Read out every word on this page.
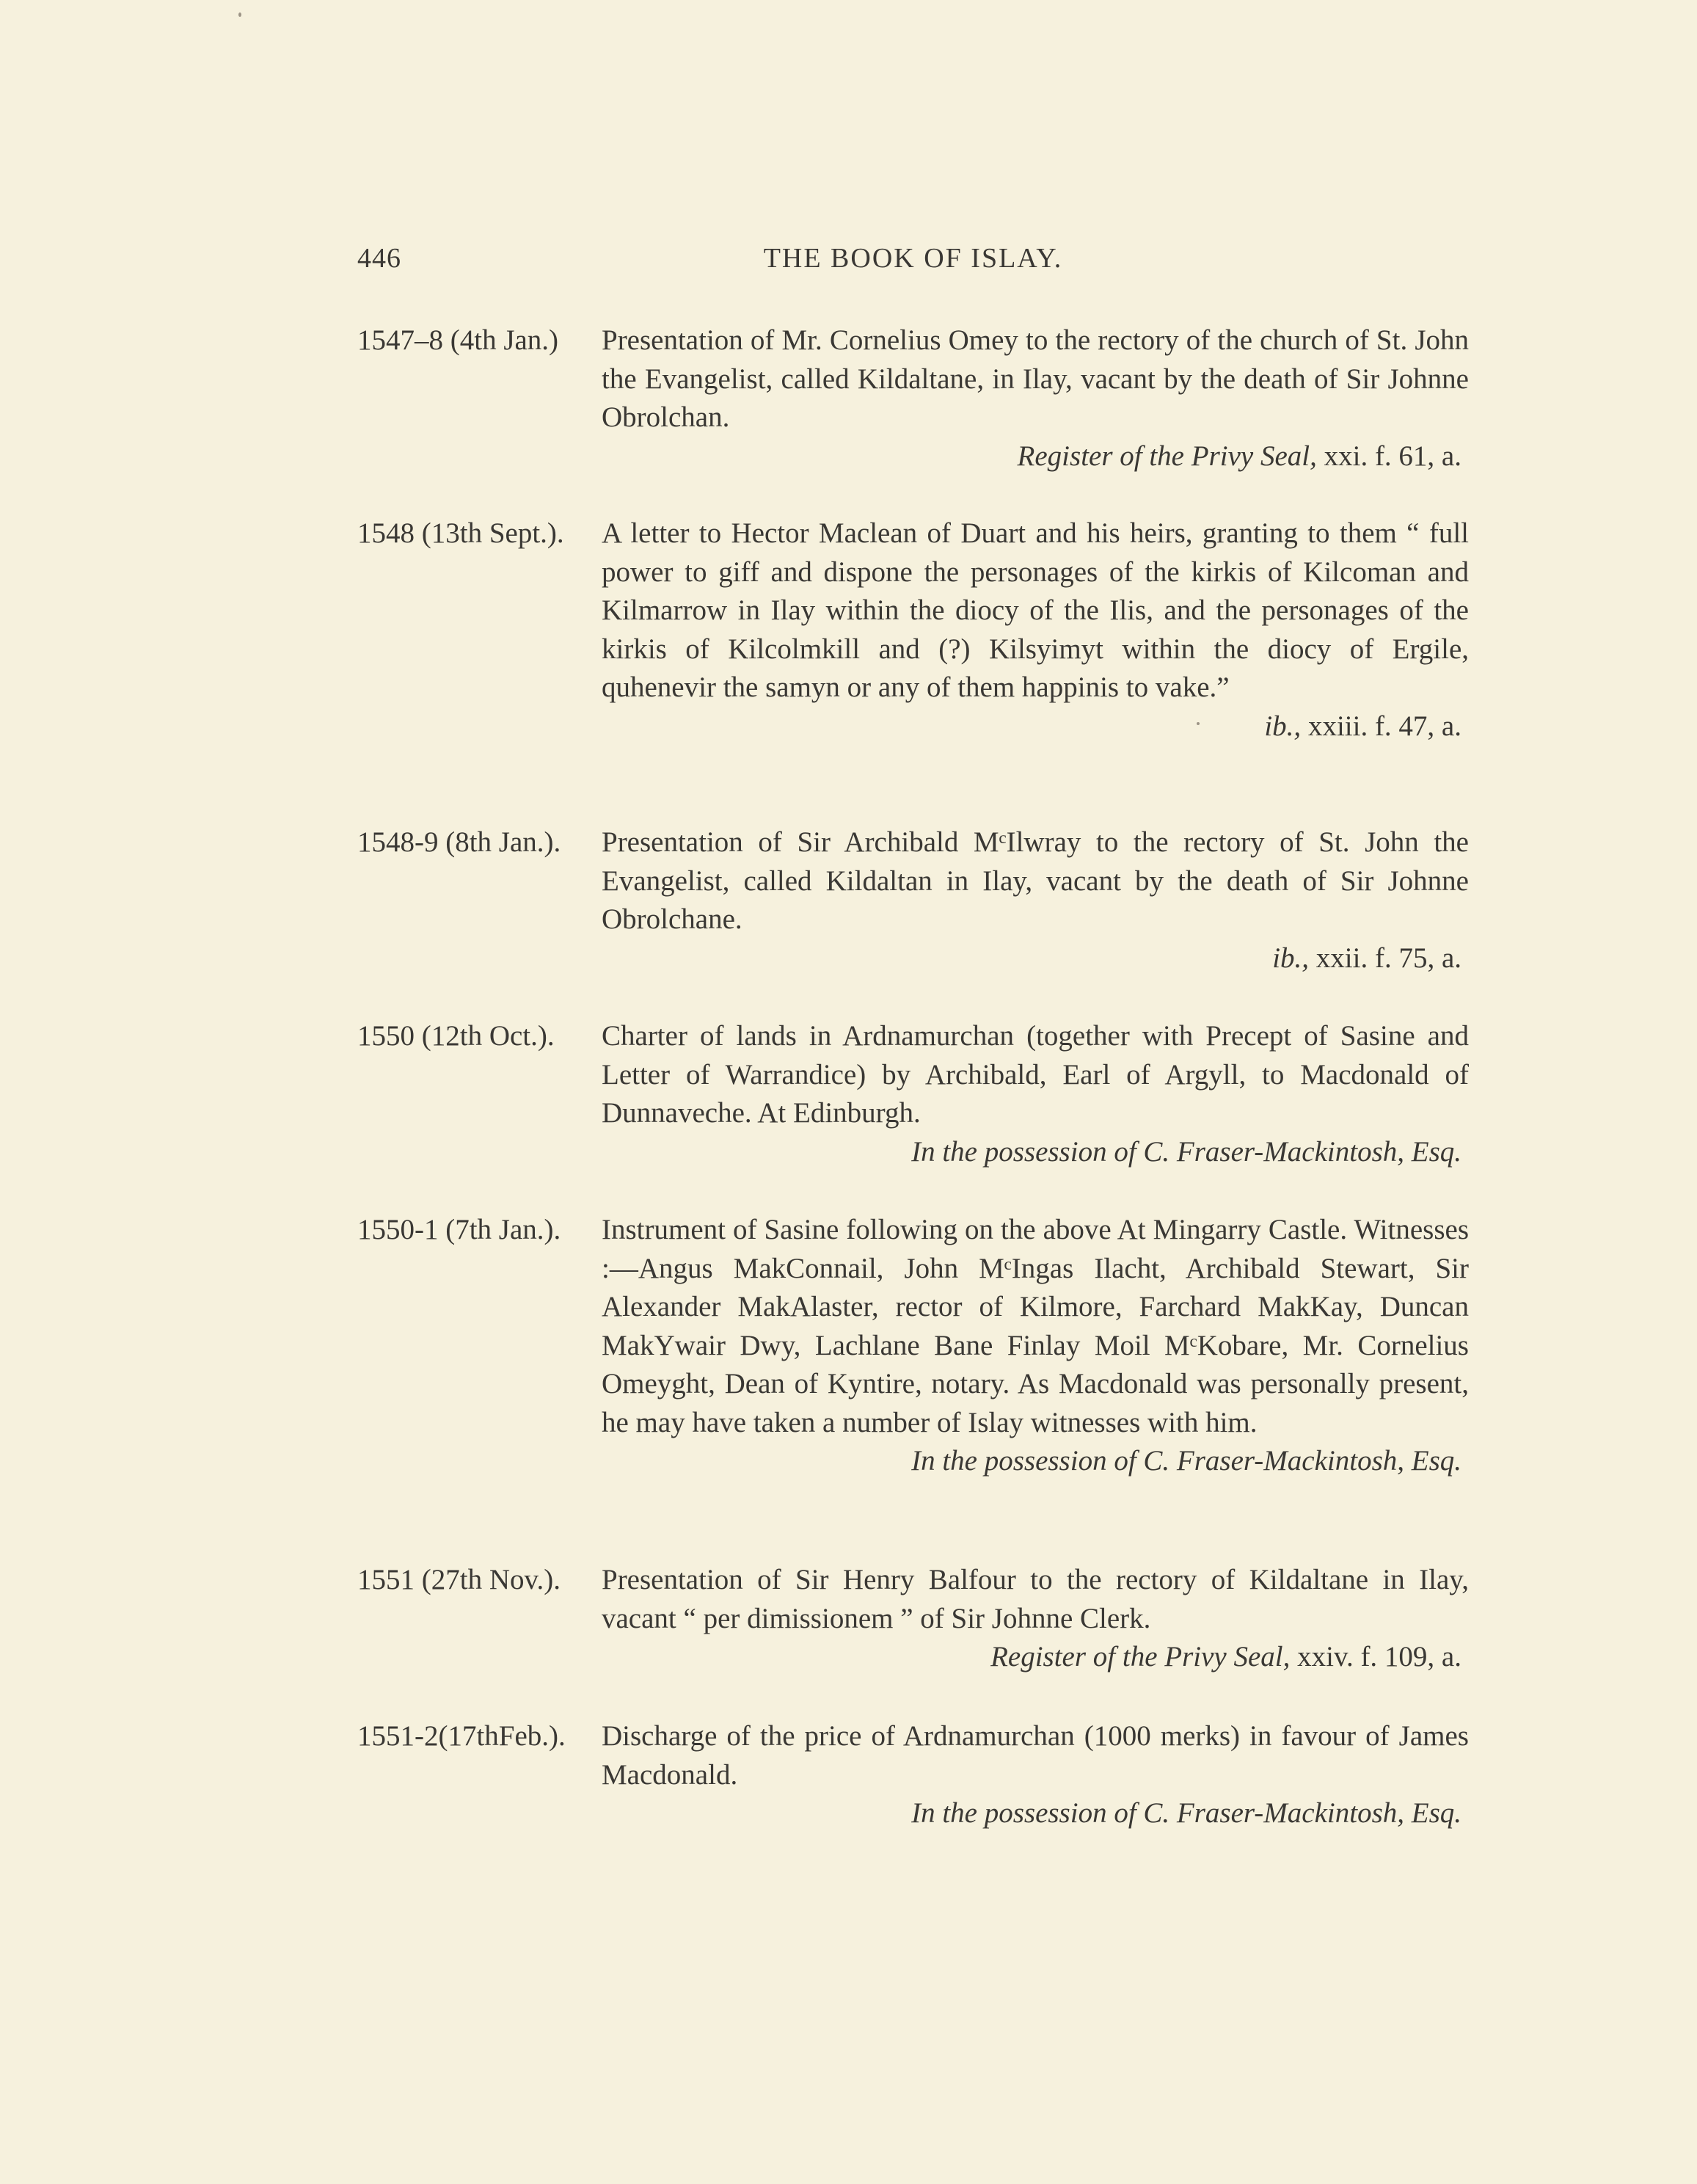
446	THE BOOK OF ISLAY.
1547–8 (4th Jan.) Presentation of Mr. Cornelius Omey to the rectory of the church of St. John the Evangelist, called Kildaltane, in Ilay, vacant by the death of Sir Johnne Obrolchan.
Register of the Privy Seal, xxi. f. 61, a.
1548 (13th Sept.). A letter to Hector Maclean of Duart and his heirs, granting to them “ full power to giff and dispone the personages of the kirkis of Kilcoman and Kilmarrow in Ilay within the diocy of the Ilis, and the personages of the kirkis of Kilcolmkill and (?) Kilsyimyt within the diocy of Ergile, quhenevir the samyn or any of them happinis to vake.”
ib., xxiii. f. 47, a.
1548-9 (8th Jan.). Presentation of Sir Archibald MᶜIlwray to the rectory of St. John the Evangelist, called Kildaltan in Ilay, vacant by the death of Sir Johnne Obrolchane.
ib., xxii. f. 75, a.
1550 (12th Oct.). Charter of lands in Ardnamurchan (together with Precept of Sasine and Letter of Warrandice) by Archibald, Earl of Argyll, to Macdonald of Dunnaveche. At Edinburgh.
In the possession of C. Fraser-Mackintosh, Esq.
1550-1 (7th Jan.). Instrument of Sasine following on the above At Mingarry Castle. Witnesses :—Angus MakConnail, John MᶜIngas Ilacht, Archibald Stewart, Sir Alexander MakAlaster, rector of Kilmore, Farchard MakKay, Duncan MakYwair Dwy, Lachlane Bane Finlay Moil MᶜKobare, Mr. Cornelius Omeyght, Dean of Kyntire, notary. As Macdonald was personally present, he may have taken a number of Islay witnesses with him.
In the possession of C. Fraser-Mackintosh, Esq.
1551 (27th Nov.). Presentation of Sir Henry Balfour to the rectory of Kildaltane in Ilay, vacant “ per dimissionem ” of Sir Johnne Clerk.
Register of the Privy Seal, xxiv. f. 109, a.
1551-2(17thFeb.). Discharge of the price of Ardnamurchan (1000 merks) in favour of James Macdonald.
In the possession of C. Fraser-Mackintosh, Esq.
